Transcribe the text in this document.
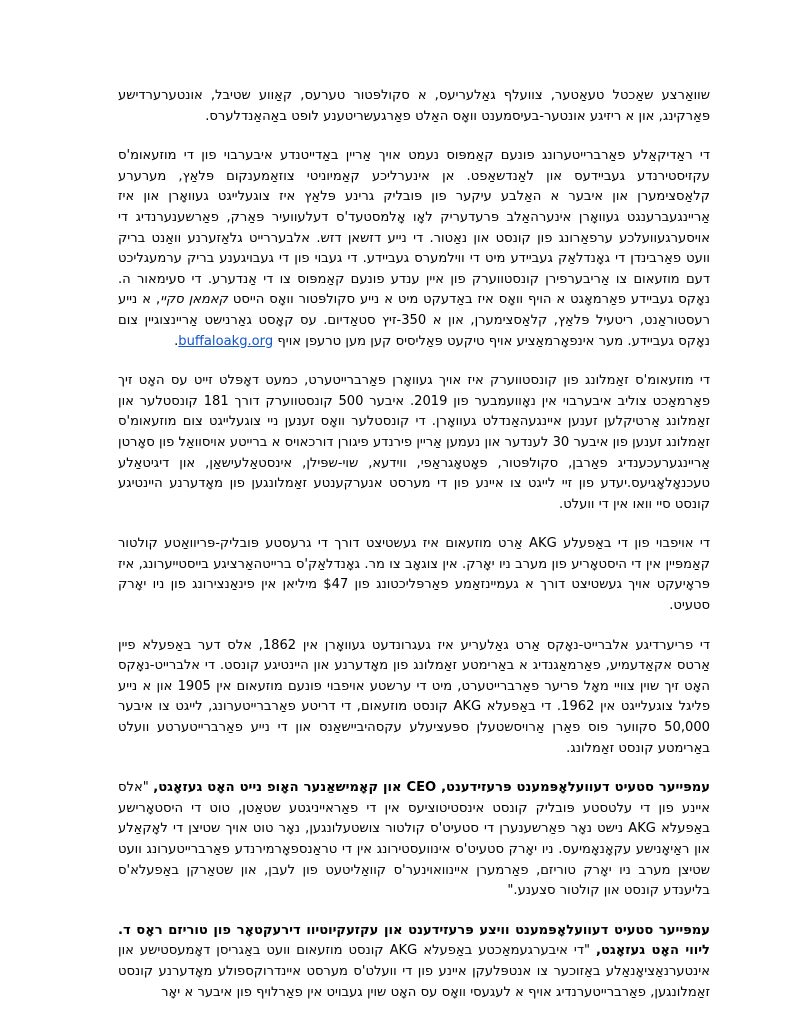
שוואַרצע שאַכטל טעאַטער, צוועלף גאַלעריעס, א סקולפּטור טערעס, קאַווע שטיבל, אונטערערדישע פּאַרקינג, און א ריזיגע אונטער-בעיסמענט וואָס האַלט פאַרגעשריטענע לופט באַהאַנדלערס.

די ראַדיקאַלע פאַרברייטערונג פונעם קאַמפּוס נעמט אויך אַריין באַדייטנדע איבערבוי פון די מוזעאומ'ס עקזיסטירנדע געביידעס און לאַנדשאַפט. אן אינערליכע קאַמיוניטי צוזאַמענקום פּלאַץ, מערערע קלאַסצימערן און איבער א האַלבע עיקער פון פּובליק גרינע פּלאַץ איז צוגעלייגט געוואָרן און איז אַריינגעברענגט געוואָרן אינערהאַלב פּרעדעריק לאָו אָלמסטעד'ס דעלעוועיר פּאַרק, פאַרשענערנדיג די אויסערגעוועלכע ערפאַרונג פון קונסט און נאַטור. די נייע דזשאן דזש. אלבעררייט גלאַזערנע וואַנט בריק וועט פאַרבינדן די גאָנדלאַק געביידע מיט די ווילמערס געביידע. די געבוי פון די געבויגענע בריק ערמעגליכט דעם מוזעאום צו אַריבערפירן קונסטווערק פון איין ענדע פונעם קאַמפּוס צו די אַנדערע. די סעימאור ה. נאָקס געביידע פאַרמאָגט א הויף וואָס איז באַדעקט מיט א נייע סקולפּטור וואָס הייסט קאמאן סקיי, א נייע רעסטוראַנט, ריטעיל פּלאַץ, קלאַסצימערן, און א 350-זיץ סטאַדיום. עס קאָסט גאַרנישט אַריינצוגיין צום נאָקס געביידע. מער אינפאָרמאַציע אויף טיקעט פּאַליסיס קען מען טרעפן אויף buffaloakg.org.

די מוזעאומ'ס זאַמלונג פון קונסטווערק איז אויך געוואָרן פאַרברייטערט, כמעט דאָפּלט זייט עס האָט זיך פאַרמאַכט צוליב איבערבוי אין נאָוועמבער פון 2019. איבער 500 קונסטווערק דורך 181 קונסטלער און זאַמלונג אַרטיקלען זענען איינגעהאַנדלט געוואָרן. די קונסטלער וואָס זענען ניי צוגעלייגט צום מוזעאומ'ס זאַמלונג זענען פון איבער 30 לענדער און נעמען אַריין פירנדע פיגורן דורכאויס א ברייטע אויסוואַל פון סאָרטן אַריינגערעכענדיג פאַרבן, סקולפּטור, פאָטאָגראַפי, ווידעא, שוי-שפּילן, אינסטאַלעישאַן, און דיגיטאַלע טעכנאָלאָגיעס.יעדע פון זיי לייגט צו איינע פון די מערסט אנערקענטע זאַמלונגען פון מאָדערנע היינטיגע קונסט סיי וואו אין די וועלט.

די אויפבוי פון די באַפעלע AKG אַרט מוזעאום איז געשטיצט דורך די גרעסטע פּובליק-פּריוואַטע קולטור קאַמפּיין אין די היסטאָריע פון מערב ניו יאָרק. אין צוגאָב צו מר. גאָנדלאַק'ס ברייטהאַרציגע בייסטייערונג, איז פּראָיעקט אויך געשטיצט דורך א געמיינזאַמע פאַרפּליכטונג פון $47 מיליאן אין פינאַנצירונג פון ניו יאָרק סטעיט.

די פריערדיגע אלברייט-נאָקס אַרט גאַלעריע איז געגרונדעט געוואָרן אין 1862, אלס דער באַפעלא פיין אַרטס אקאַדעמיע, פאַרמאַגנדיג א באַרימטע זאַמלונג פון מאָדערנע און היינטיגע קונסט. די אלברייט-נאָקס האָט זיך שוין צוויי מאָל פריער פאַרברייטערט, מיט די ערשטע אויפבוי פונעם מוזעאום אין 1905 און א נייע פליגל צוגעלייגט אין 1962. די באַפעלא AKG קונסט מוזעאום, די דריטע פאַרברייטערונג, לייגט צו איבער 50,000 סקווער פוס פאַרן אַרויסשטעלן ספּעציעלע עקסהיביישאַנס און די נייע פאַרברייטערטע וועלט באַרימטע קונסט זאַמלונג.

עמפּייער סטעיט דעוועלאָפּמענט פּרעזידענט, CEO און קאָמישאַנער האָופ נייט האָט געזאָגט, "אלס איינע פון די עלטסטע פּובליק קונסט אינסטיטוציעס אין די פאַראייניגטע שטאַטן, טוט די היסטאָרישע באַפעלא AKG נישט נאָר פאַרשענערן די סטעיט'ס קולטור צושטעלונגען, נאָר טוט אויך שטיצן די לאָקאַלע און ראַיאָנישע עקאָנאָמיעס. ניו יאָרק סטעיט'ס אינוועסטירונג אין די טראַנספאָרמירנדע פאַרברייטערונג וועט שטיצן מערב ניו יאָרק טוריזם, פאַרמערן איינוואוינער'ס קוואַליטעט פון לעבן, און שטאַרקן באַפעלא'ס בליענדע קונסט און קולטור סצענע."

עמפּייער סטעיט דעוועלאָפּמענט וויצע פּרעזידענט און עקזעקיוטיוו דירעקטאָר פון טוריזם ראָס ד. ליווי האָט געזאָגט, "די איבערגעמאַכטע באַפעלא AKG קונסט מוזעאום וועט באַגריסן דאָמעסטישע און אינטערנאַציאָנאַלע באַזוכער צו אנטפּלעקן איינע פון די וועלט'ס מערסט איינדרוקספולע מאָדערנע קונסט זאַמלונגען, פאַרברייטערנדיג אויף א לעגעסי וואָס עס האָט שוין געבויט אין פאַרלויף פון איבער א יאָר
